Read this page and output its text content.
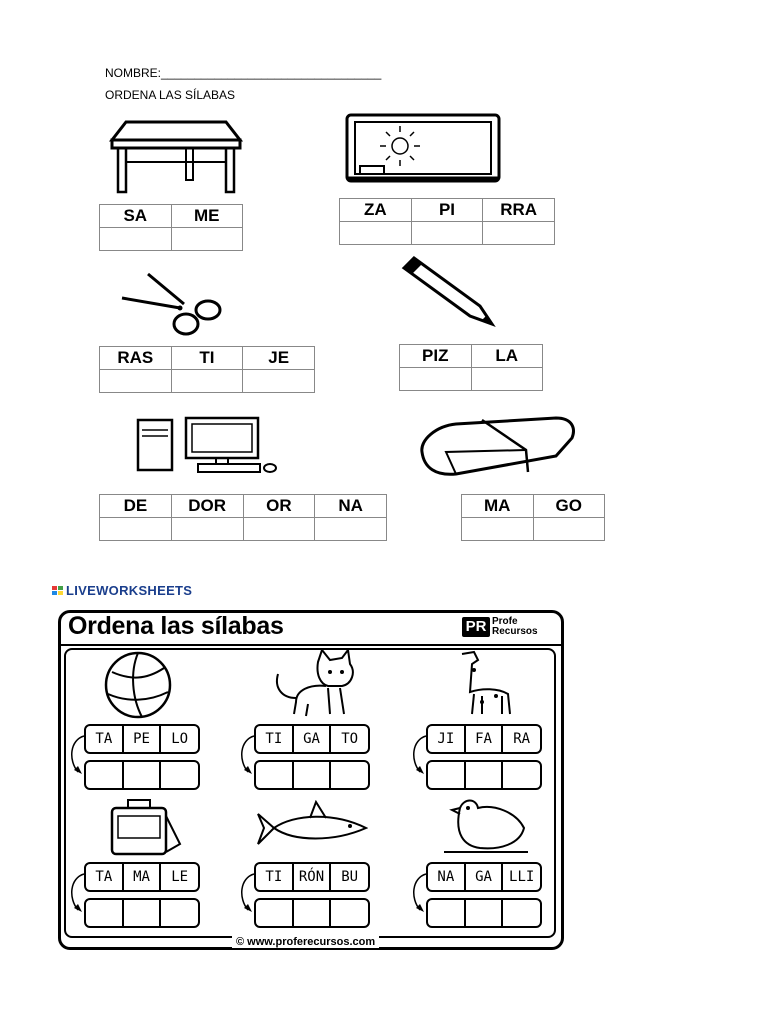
NOMBRE:_________________________________
ORDENA LAS SÍLABAS
SA	ME
		ZA	PI	RRA

RAS	TI	JE
			PIZ	LA

DE	DOR	OR	NA
				MA	GO

LIVEWORKSHEETS
Ordena las sílabas	PR Profe
Recursos
TA	PE	LO	TI	GA	TO	JI	FA	RA
TA	MA	LE	TI	RÓN	BU	NA	GA	LLI
© www.proferecursos.com
